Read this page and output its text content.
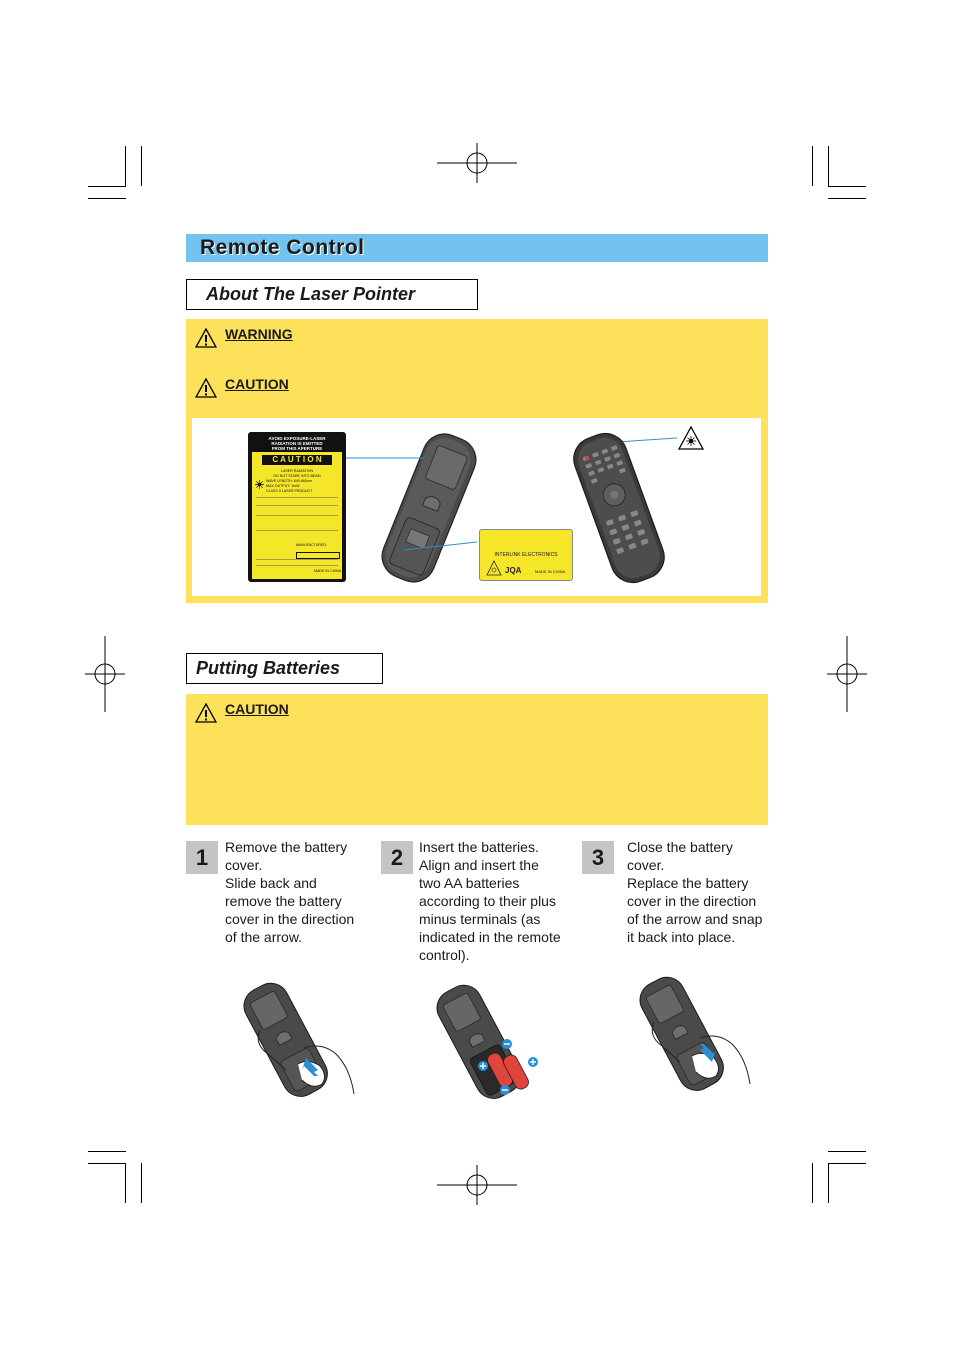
Remote Control
About The Laser Pointer
WARNING
CAUTION
AVOID EXPOSURE-LASER
RADIATION IS EMITTED
FROM THIS APERTURE
C A U T I O N
LASER RADIATION
DO NOT STARE INTO BEAM
WAVE LENGTH: 640-660nm
MAX OUTPUT: 1mW
CLASS II LASER PRODUCT
MANUFACTURED:
MADE IN CHINA
INTERLINK ELECTRONICS
JQA	MADE IN CHINA
Putting Batteries
CAUTION
1	Remove the battery
cover.
Slide back and
remove the battery
cover in the direction
of the arrow.
2	Insert the batteries.
Align and insert the
two AA batteries
according to their plus
minus terminals (as
indicated in the remote
control).
3	Close the battery
cover.
Replace the battery
cover in the direction
of the arrow and snap
it back into place.
